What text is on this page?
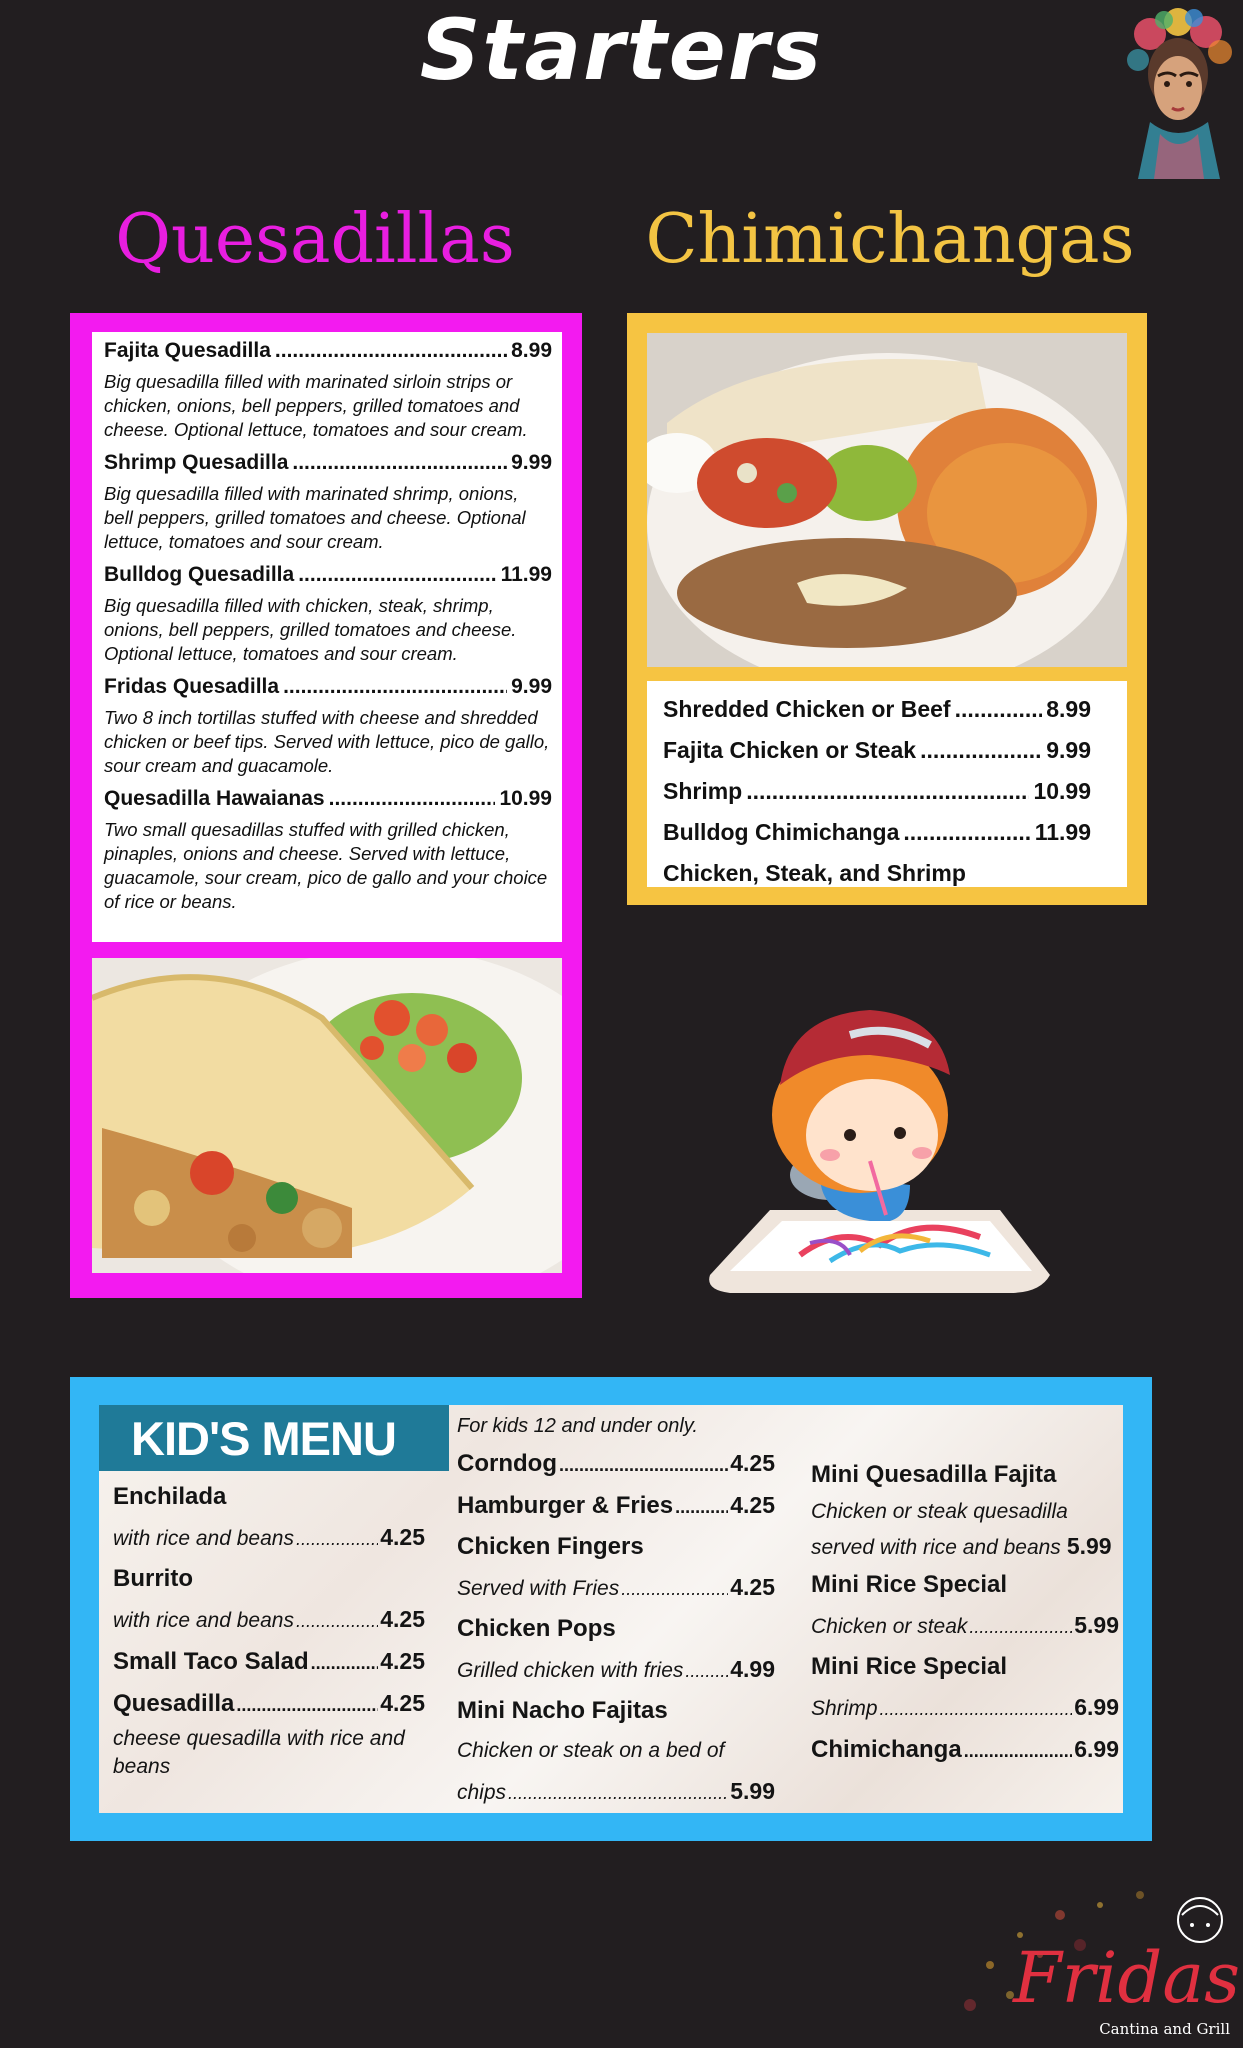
Starters
Quesadillas	Chimichangas
Fajita Quesadilla .....	8.99
Big quesadilla filled with marinated sirloin strips or chicken, onions, bell peppers, grilled tomatoes and cheese. Optional lettuce, tomatoes and sour cream.
Shrimp Quesadilla .....	9.99
Big quesadilla filled with marinated shrimp, onions, bell peppers, grilled tomatoes and cheese. Optional lettuce, tomatoes and sour cream.
Bulldog Quesadilla .....	11.99
Big quesadilla filled with chicken, steak, shrimp, onions, bell peppers, grilled tomatoes and cheese. Optional lettuce, tomatoes and sour cream.
Fridas Quesadilla .....	9.99
Two 8 inch tortillas stuffed with cheese and shredded chicken or beef tips. Served with lettuce, pico de gallo, sour cream and guacamole.
Quesadilla Hawaianas .....	10.99
Two small quesadillas stuffed with grilled chicken, pinaples, onions and cheese. Served with lettuce, guacamole, sour cream, pico de gallo and your choice of rice or beans.
Shredded Chicken or Beef .....	8.99
Fajita Chicken or Steak .....	9.99
Shrimp .....	10.99
Bulldog Chimichanga .....	11.99
Chicken, Steak, and Shrimp
KID'S MENU
Enchilada
with rice and beans .....	4.25
Burrito
with rice and beans .....	4.25
Small Taco Salad .....	4.25
Quesadilla .....	4.25
cheese quesadilla with rice and beans
For kids 12 and under only.
Corndog .....	4.25
Hamburger & Fries ..... 4.25
Chicken Fingers
Served with Fries .....	4.25
Chicken Pops
Grilled chicken with fries ..... 4.99
Mini Nacho Fajitas
Chicken or steak on a bed of
chips .....	5.99
Mini Quesadilla Fajita
Chicken or steak quesadilla
served with rice and beans 5.99
Mini Rice Special
Chicken or steak .....	5.99
Mini Rice Special
Shrimp .....	6.99
Chimichanga .....	6.99
Fridas
Cantina and Grill
